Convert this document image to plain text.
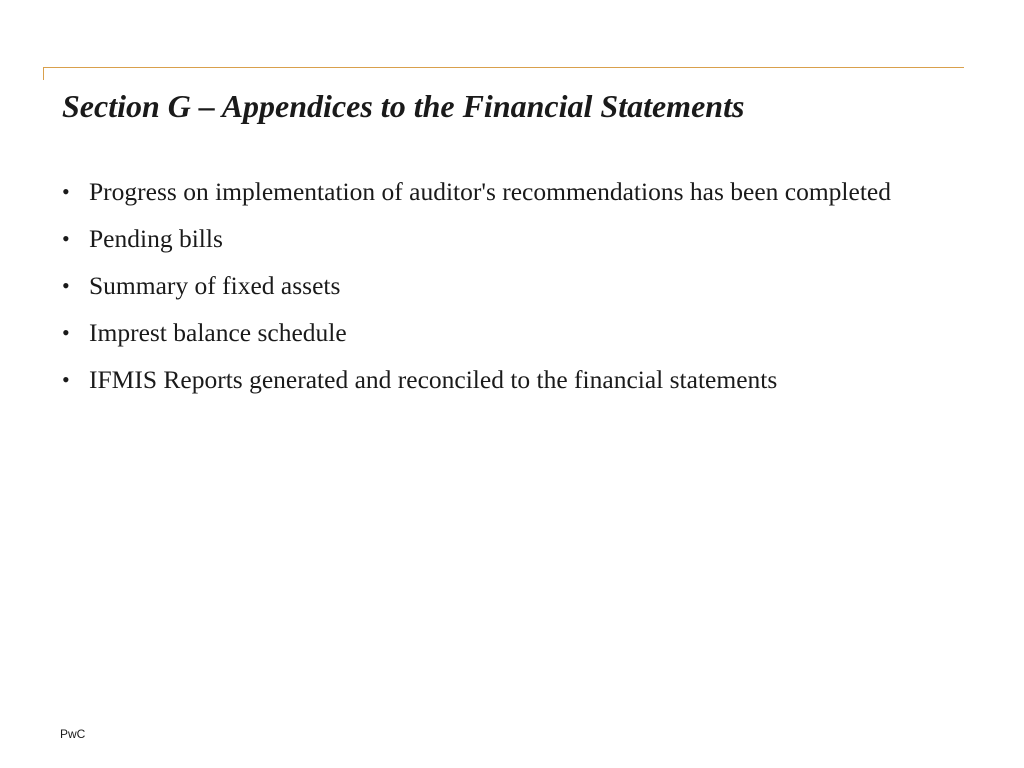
Section G – Appendices to the Financial Statements
• Progress on implementation of auditor's recommendations has been completed
• Pending bills
• Summary of fixed assets
• Imprest balance schedule
• IFMIS Reports generated and reconciled to the financial statements
PwC
